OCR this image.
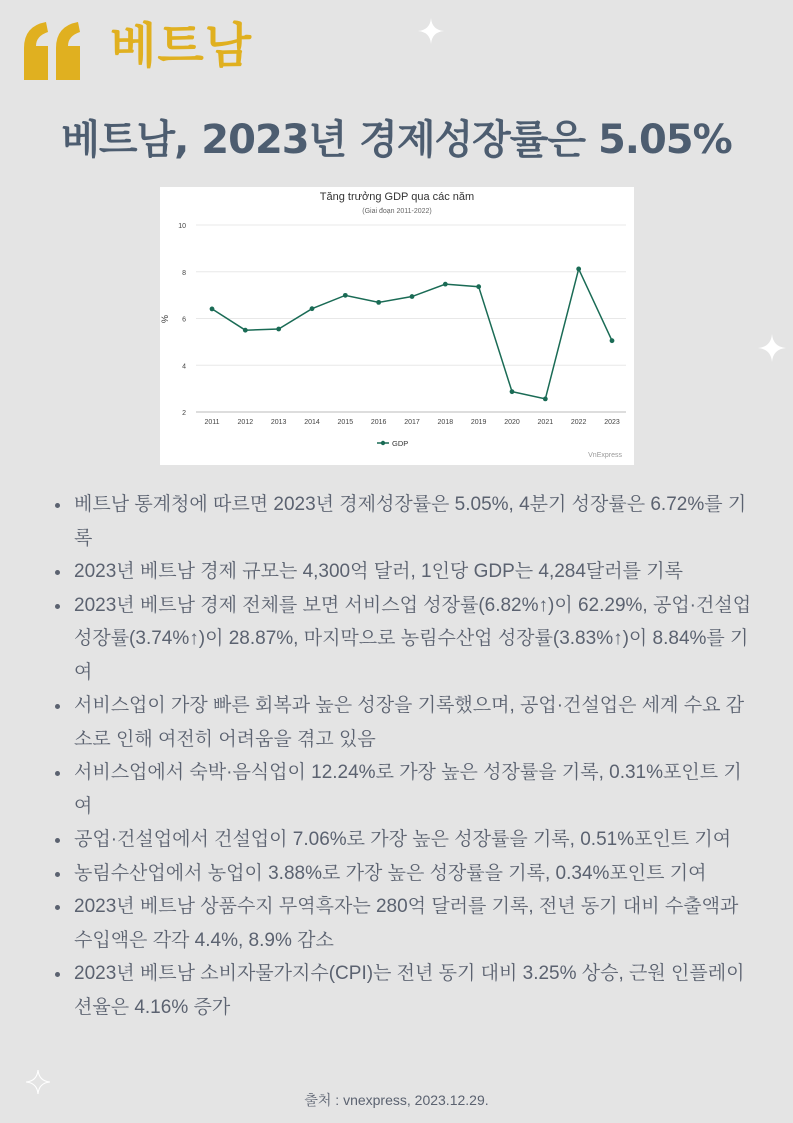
베트남
베트남, 2023년 경제성장률은 5.05%
Tăng trưởng GDP qua các năm
(Giai đoạn 2011-2022)
%
2011	2012	2013	2014	2015	2016	2017	2018	2019	2020	2021	2022	2023
2
4
6
8
10
GDP
VnExpress
베트남 통계청에 따르면 2023년 경제성장률은 5.05%, 4분기 성장률은 6.72%를 기록
2023년 베트남 경제 규모는 4,300억 달러, 1인당 GDP는 4,284달러를 기록
2023년 베트남 경제 전체를 보면 서비스업 성장률(6.82%↑)이 62.29%, 공업·건설업 성장률(3.74%↑)이 28.87%, 마지막으로 농림수산업 성장률(3.83%↑)이 8.84%를 기여
서비스업이 가장 빠른 회복과 높은 성장을 기록했으며, 공업·건설업은 세계 수요 감소로 인해 여전히 어려움을 겪고 있음
서비스업에서 숙박·음식업이 12.24%로 가장 높은 성장률을 기록, 0.31%포인트 기여
공업·건설업에서 건설업이 7.06%로 가장 높은 성장률을 기록, 0.51%포인트 기여
농림수산업에서 농업이 3.88%로 가장 높은 성장률을 기록, 0.34%포인트 기여
2023년 베트남 상품수지 무역흑자는 280억 달러를 기록, 전년 동기 대비 수출액과 수입액은 각각 4.4%, 8.9% 감소
2023년 베트남 소비자물가지수(CPI)는 전년 동기 대비 3.25% 상승, 근원 인플레이션율은 4.16% 증가
출처 : vnexpress, 2023.12.29.
